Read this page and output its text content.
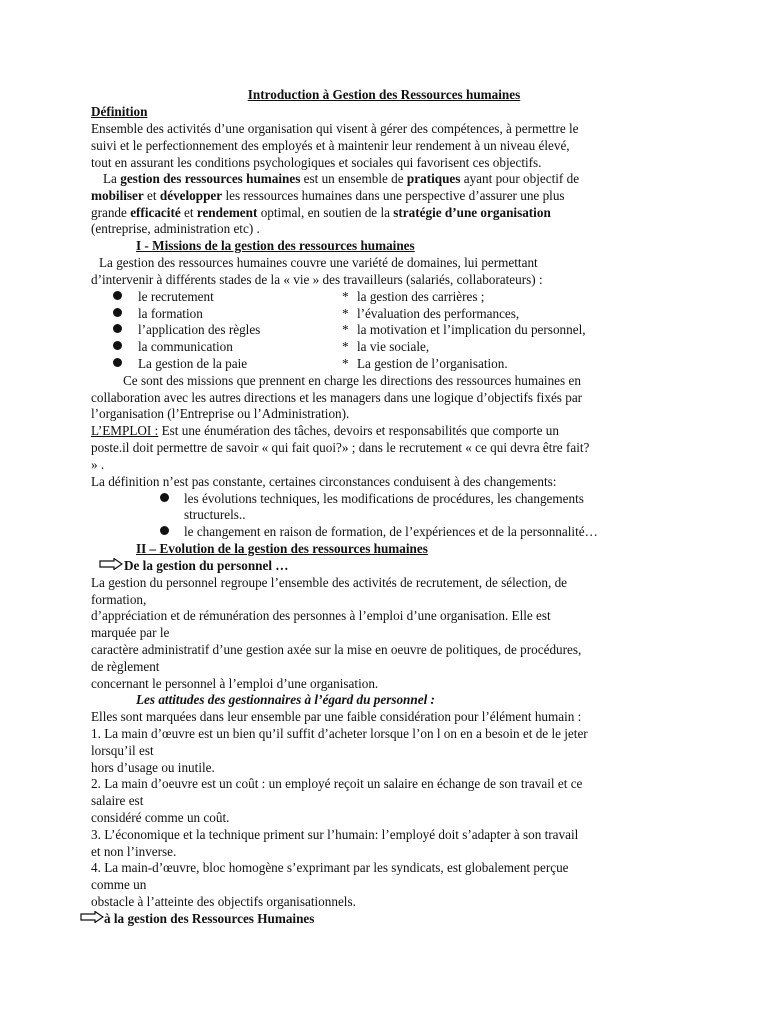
Introduction à Gestion des Ressources humaines
Définition
Ensemble des activités d’une organisation qui visent à gérer des compétences, à permettre le
suivi et le perfectionnement des employés et à maintenir leur rendement à un niveau élevé,
tout en assurant les conditions psychologiques et sociales qui favorisent ces objectifs.
La gestion des ressources humaines est un ensemble de pratiques ayant pour objectif de
mobiliser et développer les ressources humaines dans une perspective d’assurer une plus
grande efficacité et rendement optimal, en soutien de la stratégie d’une organisation
(entreprise, administration etc) .
I - Missions de la gestion des ressources humaines
La gestion des ressources humaines couvre une variété de domaines, lui permettant
d’intervenir à différents stades de la « vie » des travailleurs (salariés, collaborateurs) :
le recrutement
la formation
l’application des règles
la communication
La gestion de la paie
* la gestion des carrières ;
* l’évaluation des performances,
* la motivation et l’implication du personnel,
* la vie sociale,
* La gestion de l’organisation.
Ce sont des missions que prennent en charge les directions des ressources humaines en
collaboration avec les autres directions et les managers dans une logique d’objectifs fixés par
l’organisation (l’Entreprise ou l’Administration).
L’EMPLOI : Est une énumération des tâches, devoirs et responsabilités que comporte un
poste.il doit permettre de savoir « qui fait quoi?» ; dans le recrutement « ce qui devra être fait?
» .
La définition n’est pas constante, certaines circonstances conduisent à des changements:
les évolutions techniques, les modifications de procédures, les changements
structurels..
le changement en raison de formation, de l’expériences et de la personnalité…
II – Evolution de la gestion des ressources humaines
De la gestion du personnel …
La gestion du personnel regroupe l’ensemble des activités de recrutement, de sélection, de
formation,
d’appréciation et de rémunération des personnes à l’emploi d’une organisation. Elle est
marquée par le
caractère administratif d’une gestion axée sur la mise en oeuvre de politiques, de procédures,
de règlement
concernant le personnel à l’emploi d’une organisation.
Les attitudes des gestionnaires à l’égard du personnel :
Elles sont marquées dans leur ensemble par une faible considération pour l’élément humain :
1. La main d’œuvre est un bien qu’il suffit d’acheter lorsque l’on l on en a besoin et de le jeter
lorsqu’il est
hors d’usage ou inutile.
2. La main d’oeuvre est un coût : un employé reçoit un salaire en échange de son travail et ce
salaire est
considéré comme un coût.
3. L’économique et la technique priment sur l’humain: l’employé doit s’adapter à son travail
et non l’inverse.
4. La main-d’œuvre, bloc homogène s’exprimant par les syndicats, est globalement perçue
comme un
obstacle à l’atteinte des objectifs organisationnels.
à la gestion des Ressources Humaines
